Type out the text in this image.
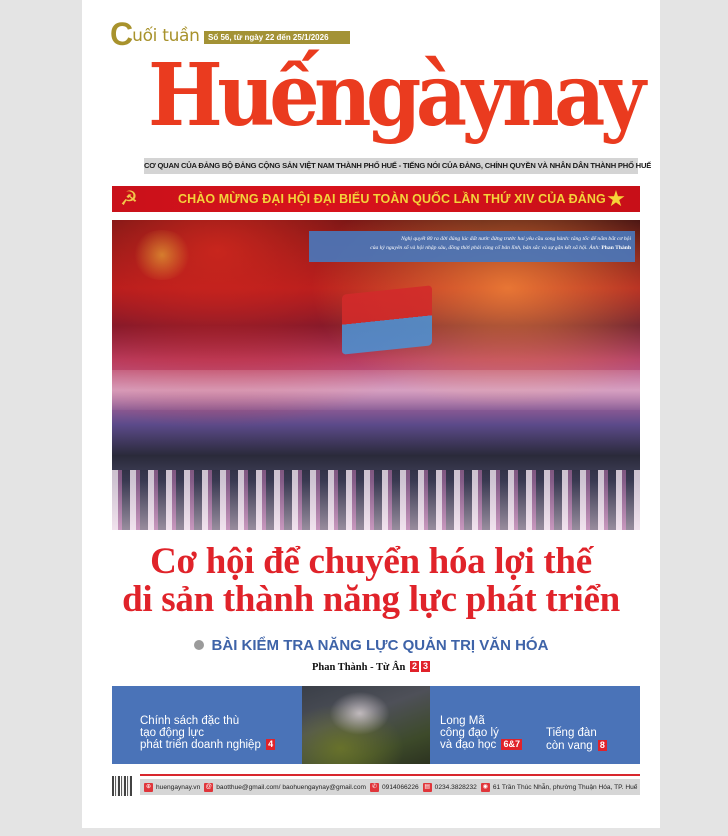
C uối tuần	Số 56, từ ngày 22 đến 25/1/2026
Huếngàynay
CƠ QUAN CỦA ĐẢNG BỘ ĐẢNG CỘNG SẢN VIỆT NAM THÀNH PHỐ HUẾ - TIẾNG NÓI CỦA ĐẢNG, CHÍNH QUYỀN VÀ NHÂN DÂN THÀNH PHỐ HUẾ
☭	CHÀO MỪNG ĐẠI HỘI ĐẠI BIỂU TOÀN QUỐC LẦN THỨ XIV CỦA ĐẢNG ★
Nghị quyết 80 ra đời đúng lúc đất nước đứng trước hai yêu cầu song hành: tăng tốc để nắm bắt cơ hội
của kỷ nguyên số và hội nhập sâu, đồng thời phải củng cố bản lĩnh, bản sắc và sự gắn kết xã hội. Ảnh: Phan Thành
Cơ hội để chuyển hóa lợi thế
di sản thành năng lực phát triển
BÀI KIỂM TRA NĂNG LỰC QUẢN TRỊ VĂN HÓA
Phan Thành - Từ Ân 2 3
Chính sách đặc thù
tạo động lực
phát triển doanh nghiệp 4
Long Mã
công đạo lý
và đạo học 6&7
Tiếng đàn
còn vang 8
⊕ huengaynay.vn @ baotthue@gmail.com/ baohuengaynay@gmail.com ✆ 0914066226 ▤ 0234.3828232 ◉ 61 Trần Thúc Nhẫn, phường Thuận Hóa, TP. Huế
